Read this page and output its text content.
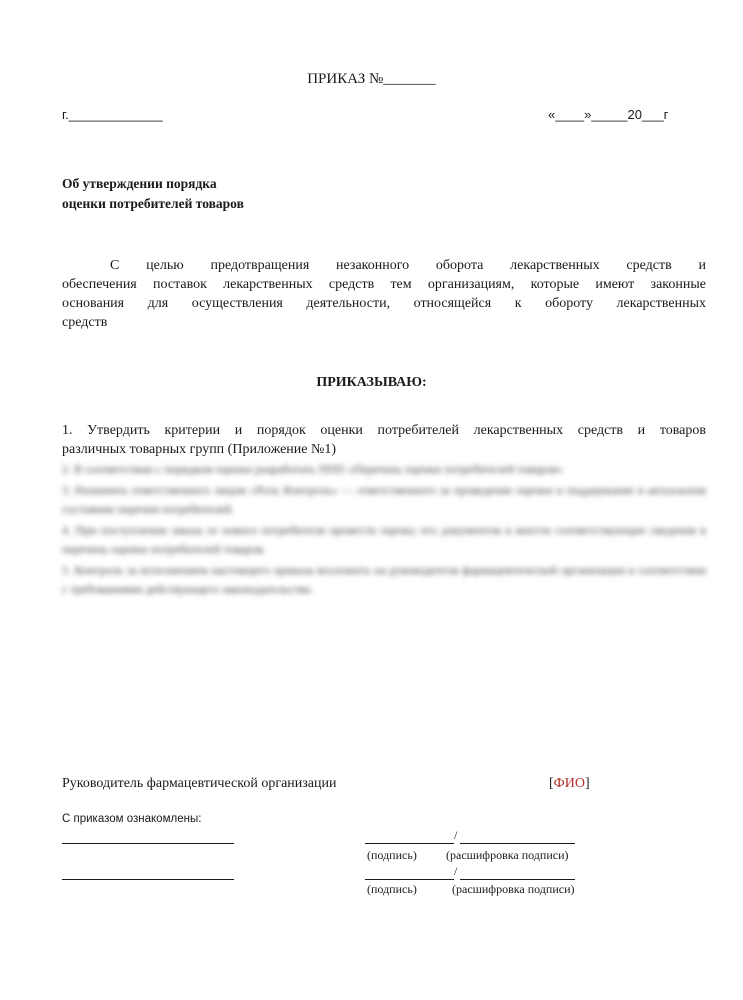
ПРИКАЗ №_______
г._____________	«____»_____20___г
Об утверждении порядка
оценки потребителей товаров
С целью предотвращения незаконного оборота лекарственных средств и
обеспечения поставок лекарственных средств тем организациям, которые имеют законные
основания для осуществления деятельности, относящейся к обороту лекарственных
средств
ПРИКАЗЫВАЮ:
1. Утвердить критерии и порядок оценки потребителей лекарственных средств и товаров
различных товарных групп (Приложение №1)

2. В соответствии с порядком оценки разработать ППП «Перечень оценки потребителей товаров»

3. Назначить ответственного лицом «Роль Контроль» — ответственного за проведение оценки и поддержание в актуальном состоянии перечня потребителей.

4. При поступлении заказа от нового потребителя провести оценку его документов и внести соответствующие сведения в перечень оценки потребителей товаров.

5. Контроль за исполнением настоящего приказа возложить на руководителя фармацевтической организации в соответствии с требованиями действующего законодательства.

Руководитель фармацевтической организации	[ФИО]
С приказом ознакомлены:
/
(подпись) (расшифровка подписи)
/
(подпись)	(расшифровка подписи)
